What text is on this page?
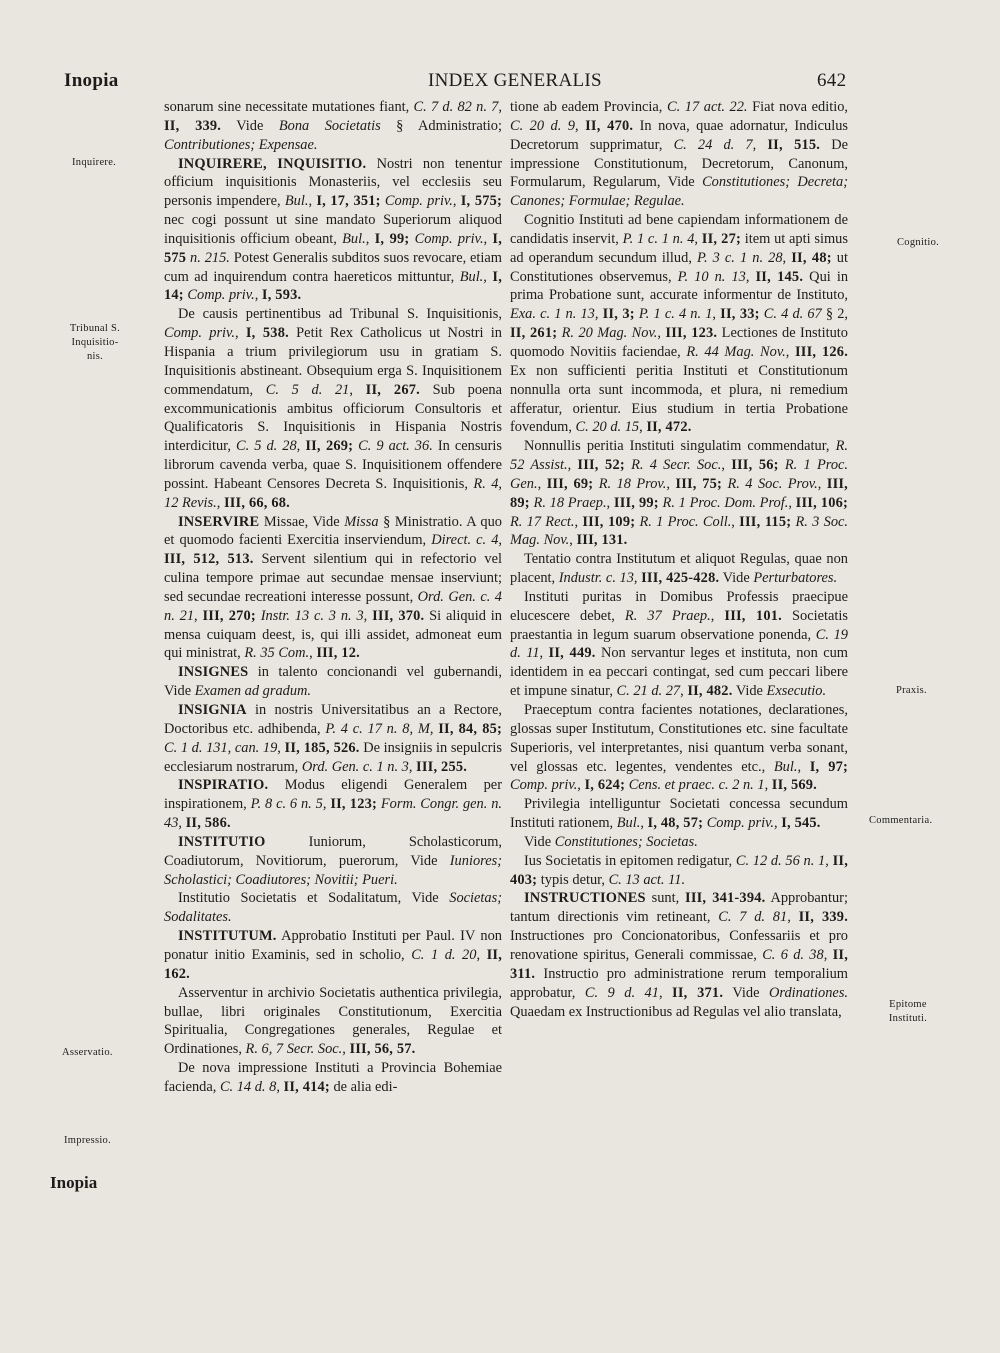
Inopia	INDEX GENERALIS	642
Inquirere.
Tribunal S. Inquisitio- nis.
Asservatio.
Impressio.
Cognitio.
Praxis.
Commentaria.
Epitome Instituti.

sonarum sine necessitate mutationes fiant, C. 7 d. 82 n. 7, II, 339. Vide Bona Societatis § Administratio; Contributiones; Expensae.

INQUIRERE, INQUISITIO. Nostri non tenentur officium inquisitionis Monasteriis, vel ecclesiis seu personis impendere, Bul., I, 17, 351; Comp. priv., I, 575; nec cogi possunt ut sine mandato Superiorum aliquod inquisitionis officium obeant, Bul., I, 99; Comp. priv., I, 575 n. 215. Potest Generalis subditos suos revocare, etiam cum ad inquirendum contra haereticos mittuntur, Bul., I, 14; Comp. priv., I, 593.

De causis pertinentibus ad Tribunal S. Inquisitionis, Comp. priv., I, 538. Petit Rex Catholicus ut Nostri in Hispania a trium privilegiorum usu in gratiam S. Inquisitionis abstineant. Obsequium erga S. Inquisitionem commendatum, C. 5 d. 21, II, 267. Sub poena excommunicationis ambitus officiorum Consultoris et Qualificatoris S. Inquisitionis in Hispania Nostris interdicitur, C. 5 d. 28, II, 269; C. 9 act. 36. In censuris librorum cavenda verba, quae S. Inquisitionem offendere possint. Habeant Censores Decreta S. Inquisitionis, R. 4, 12 Revis., III, 66, 68.

INSERVIRE Missae, Vide Missa § Ministratio. A quo et quomodo facienti Exercitia inserviendum, Direct. c. 4, III, 512, 513. Servent silentium qui in refectorio vel culina tempore primae aut secundae mensae inserviunt; sed secundae recreationi interesse possunt, Ord. Gen. c. 4 n. 21, III, 270; Instr. 13 c. 3 n. 3, III, 370. Si aliquid in mensa cuiquam deest, is, qui illi assidet, admoneat eum qui ministrat, R. 35 Com., III, 12.

INSIGNES in talento concionandi vel gubernandi, Vide Examen ad gradum.

INSIGNIA in nostris Universitatibus an a Rectore, Doctoribus etc. adhibenda, P. 4 c. 17 n. 8, M, II, 84, 85; C. 1 d. 131, can. 19, II, 185, 526. De insigniis in sepulcris ecclesiarum nostrarum, Ord. Gen. c. 1 n. 3, III, 255.

INSPIRATIO. Modus eligendi Generalem per inspirationem, P. 8 c. 6 n. 5, II, 123; Form. Congr. gen. n. 43, II, 586.

INSTITUTIO Iuniorum, Scholasticorum, Coadiutorum, Novitiorum, puerorum, Vide Iuniores; Scholastici; Coadiutores; Novitii; Pueri.

Institutio Societatis et Sodalitatum, Vide Societas; Sodalitates.

INSTITUTUM. Approbatio Instituti per Paul. IV non ponatur initio Examinis, sed in scholio, C. 1 d. 20, II, 162.

Asserventur in archivio Societatis authentica privilegia, bullae, libri originales Constitutionum, Exercitia Spiritualia, Congregationes generales, Regulae et Ordinationes, R. 6, 7 Secr. Soc., III, 56, 57.

De nova impressione Instituti a Provincia Bohemiae facienda, C. 14 d. 8, II, 414; de alia edi-

tione ab eadem Provincia, C. 17 act. 22. Fiat nova editio, C. 20 d. 9, II, 470. In nova, quae adornatur, Indiculus Decretorum supprimatur, C. 24 d. 7, II, 515. De impressione Constitutionum, Decretorum, Canonum, Formularum, Regularum, Vide Constitutiones; Decreta; Canones; Formulae; Regulae.

Cognitio Instituti ad bene capiendam informationem de candidatis inservit, P. 1 c. 1 n. 4, II, 27; item ut apti simus ad operandum secundum illud, P. 3 c. 1 n. 28, II, 48; ut Constitutiones observemus, P. 10 n. 13, II, 145. Qui in prima Probatione sunt, accurate informentur de Instituto, Exa. c. 1 n. 13, II, 3; P. 1 c. 4 n. 1, II, 33; C. 4 d. 67 § 2, II, 261; R. 20 Mag. Nov., III, 123. Lectiones de Instituto quomodo Novitiis faciendae, R. 44 Mag. Nov., III, 126. Ex non sufficienti peritia Instituti et Constitutionum nonnulla orta sunt incommoda, et plura, ni remedium afferatur, orientur. Eius studium in tertia Probatione fovendum, C. 20 d. 15, II, 472.

Nonnullis peritia Instituti singulatim commendatur, R. 52 Assist., III, 52; R. 4 Secr. Soc., III, 56; R. 1 Proc. Gen., III, 69; R. 18 Prov., III, 75; R. 4 Soc. Prov., III, 89; R. 18 Praep., III, 99; R. 1 Proc. Dom. Prof., III, 106; R. 17 Rect., III, 109; R. 1 Proc. Coll., III, 115; R. 3 Soc. Mag. Nov., III, 131.

Tentatio contra Institutum et aliquot Regulas, quae non placent, Industr. c. 13, III, 425-428. Vide Perturbatores.

Instituti puritas in Domibus Professis praecipue elucescere debet, R. 37 Praep., III, 101. Societatis praestantia in legum suarum observatione ponenda, C. 19 d. 11, II, 449. Non servantur leges et instituta, non cum identidem in ea peccari contingat, sed cum peccari libere et impune sinatur, C. 21 d. 27, II, 482. Vide Exsecutio.

Praeceptum contra facientes notationes, declarationes, glossas super Institutum, Constitutiones etc. sine facultate Superioris, vel interpretantes, nisi quantum verba sonant, vel glossas etc. legentes, vendentes etc., Bul., I, 97; Comp. priv., I, 624; Cens. et praec. c. 2 n. 1, II, 569.

Privilegia intelliguntur Societati concessa secundum Instituti rationem, Bul., I, 48, 57; Comp. priv., I, 545.

Vide Constitutiones; Societas.

Ius Societatis in epitomen redigatur, C. 12 d. 56 n. 1, II, 403; typis detur, C. 13 act. 11.

INSTRUCTIONES sunt, III, 341-394. Approbantur; tantum directionis vim retineant, C. 7 d. 81, II, 339. Instructiones pro Concionatoribus, Confessariis et pro renovatione spiritus, Generali commissae, C. 6 d. 38, II, 311. Instructio pro administratione rerum temporalium approbatur, C. 9 d. 41, II, 371. Vide Ordinationes. Quaedam ex Instructionibus ad Regulas vel alio translata,

Inopia
